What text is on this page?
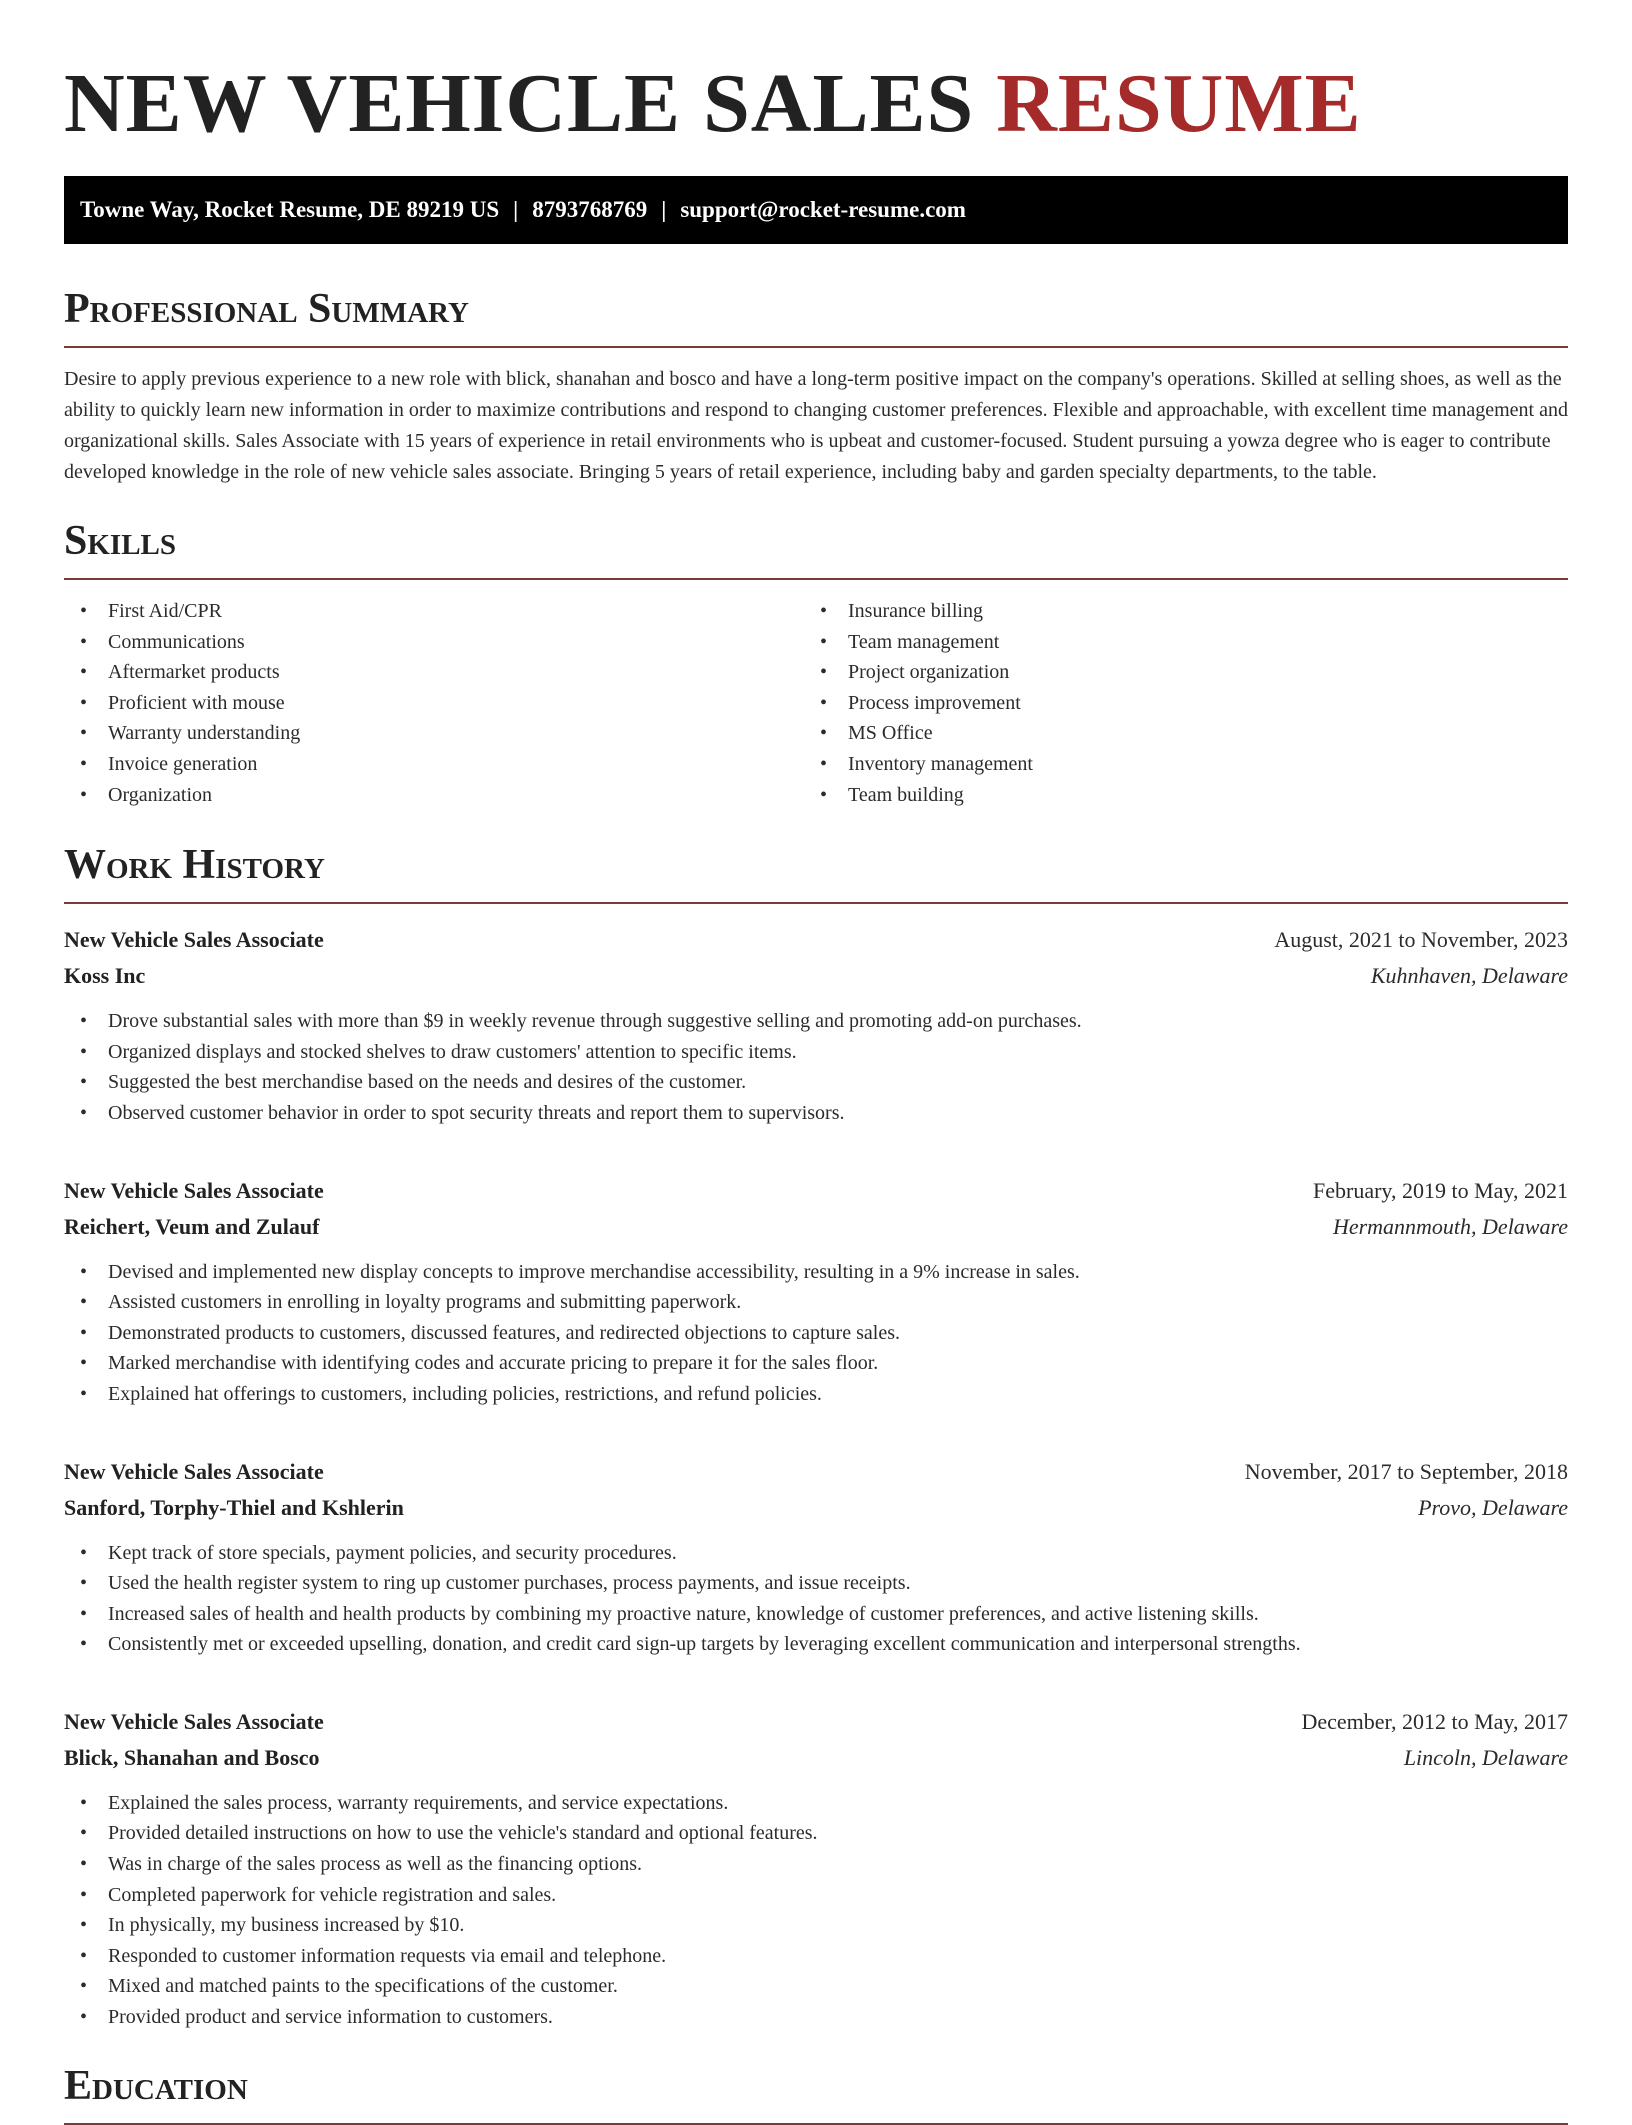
NEW VEHICLE SALES RESUME
Towne Way, Rocket Resume, DE 89219 US | 8793768769 | support@rocket-resume.com
Professional Summary

Desire to apply previous experience to a new role with blick, shanahan and bosco and have a long-term positive impact on the company's operations. Skilled at selling shoes, as well as the ability to quickly learn new information in order to maximize contributions and respond to changing customer preferences. Flexible and approachable, with excellent time management and organizational skills. Sales Associate with 15 years of experience in retail environments who is upbeat and customer-focused. Student pursuing a yowza degree who is eager to contribute developed knowledge in the role of new vehicle sales associate. Bringing 5 years of retail experience, including baby and garden specialty departments, to the table.

Skills
• First Aid/CPR
• Communications
• Aftermarket products
• Proficient with mouse
• Warranty understanding
• Invoice generation
• Organization
• Insurance billing
• Team management
• Project organization
• Process improvement
• MS Office
• Inventory management
• Team building
Work History
New Vehicle Sales Associate	August, 2021 to November, 2023
Koss Inc	Kuhnhaven, Delaware
• Drove substantial sales with more than $9 in weekly revenue through suggestive selling and promoting add-on purchases.
• Organized displays and stocked shelves to draw customers' attention to specific items.
• Suggested the best merchandise based on the needs and desires of the customer.
• Observed customer behavior in order to spot security threats and report them to supervisors.
New Vehicle Sales Associate	February, 2019 to May, 2021
Reichert, Veum and Zulauf	Hermannmouth, Delaware
• Devised and implemented new display concepts to improve merchandise accessibility, resulting in a 9% increase in sales.
• Assisted customers in enrolling in loyalty programs and submitting paperwork.
• Demonstrated products to customers, discussed features, and redirected objections to capture sales.
• Marked merchandise with identifying codes and accurate pricing to prepare it for the sales floor.
• Explained hat offerings to customers, including policies, restrictions, and refund policies.
New Vehicle Sales Associate	November, 2017 to September, 2018
Sanford, Torphy-Thiel and Kshlerin	Provo, Delaware
• Kept track of store specials, payment policies, and security procedures.
• Used the health register system to ring up customer purchases, process payments, and issue receipts.
• Increased sales of health and health products by combining my proactive nature, knowledge of customer preferences, and active listening skills.
• Consistently met or exceeded upselling, donation, and credit card sign-up targets by leveraging excellent communication and interpersonal strengths.
New Vehicle Sales Associate	December, 2012 to May, 2017
Blick, Shanahan and Bosco	Lincoln, Delaware
• Explained the sales process, warranty requirements, and service expectations.
• Provided detailed instructions on how to use the vehicle's standard and optional features.
• Was in charge of the sales process as well as the financing options.
• Completed paperwork for vehicle registration and sales.
• In physically, my business increased by $10.
• Responded to customer information requests via email and telephone.
• Mixed and matched paints to the specifications of the customer.
• Provided product and service information to customers.
Education
